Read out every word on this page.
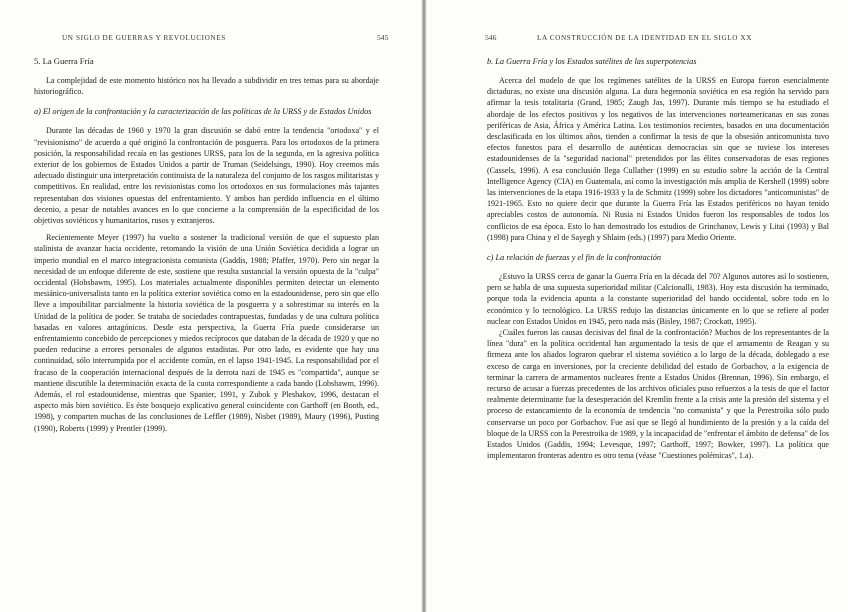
UN SIGLO DE GUERRAS Y REVOLUCIONES	545
5. La Guerra Fría

La complejidad de este momento histórico nos ha llevado a subdividir en tres temas para su abordaje historiográfico.

a) El origen de la confrontación y la caracterización de las políticas de la URSS y de Estados Unidos

Durante las décadas de 1960 y 1970 la gran discusión se dabó entre la tendencia "ortodoxa" y el "revisionismo" de acuerdo a qué originó la confrontación de posguerra. Para los ortodoxos de la primera posición, la responsabilidad recaía en las gestiones URSS, para los de la segunda, en la agresiva política exterior de los gobiernos de Estados Unidos a partir de Truman (Seidelsings, 1990). Hoy creemos más adecuado distinguir una interpretación continuista de la naturaleza del conjunto de los rasgos militaristas y competitivos. En realidad, entre los revisionistas como los ortodoxos en sus formulaciones más tajantes representaban dos visiones opuestas del enfrentamiento. Y ambos han perdido influencia en el último decenio, a pesar de notables avances en lo que concierne a la comprensión de la especificidad de los objetivos soviéticos y humanitarios, rusos y extranjeros.

Recientemente Meyer (1997) ha vuelto a sostener la tradicional versión de que el supuesto plan stalinista de avanzar hacia occidente, retomando la visión de una Unión Soviética decidida a lograr un imperio mundial en el marco integracionista comunista (Gaddis, 1988; Pfaffer, 1970). Pero sin negar la necesidad de un enfoque diferente de este, sostiene que resulta sustancial la versión opuesta de la "culpa" occidental (Hobsbawm, 1995). Los materiales actualmente disponibles permiten detectar un elemento mesiánico-universalista tanto en la política exterior soviética como en la estadounidense, pero sin que ello lleve a imposibilitar parcialmente la historia soviética de la posguerra y a sobrestimar su interés en la Unidad de la política de poder. Se trataba de sociedades contrapuestas, fundadas y de una cultura política basadas en valores antagónicos. Desde esta perspectiva, la Guerra Fría puede considerarse un enfrentamiento concebido de percepciones y miedos recíprocos que databan de la década de 1920 y que no pueden reducirse a errores personales de algunos estadistas. Por otro lado, es evidente que hay una continuidad, sólo interrumpida por el accidente común, en el lapso 1941-1945. La responsabilidad por el fracaso de la cooperación internacional después de la derrota nazi de 1945 es "compartida", aunque se mantiene discutible la determinación exacta de la cuota correspondiente a cada bando (Lobsbawm, 1996). Además, el rol estadounidense, mientras que Spanier, 1991, y Zubok y Pleshakov, 1996, destacan el aspecto más bien soviético. Es éste bosquejo explicativo general coincidente con Garthoff (en Booth, ed., 1998), y comparten muchas de las conclusiones de Leffler (1989), Nisbet (1989), Maury (1996), Pusting (1990), Roberts (1999) y Prentler (1999).

546	LA CONSTRUCCIÓN DE LA IDENTIDAD EN EL SIGLO XX
b. La Guerra Fría y los Estados satélites de las superpotencias

Acerca del modelo de que los regímenes satélites de la URSS en Europa fueron esencialmente dictaduras, no existe una discusión alguna. La dura hegemonía soviética en esa región ha servido para afirmar la tesis totalitaria (Grand, 1985; Zaugh Jas, 1997). Durante más tiempo se ha estudiado el abordaje de los efectos positivos y los negativos de las intervenciones norteamericanas en sus zonas periféricas de Asia, África y América Latina. Los testimonios recientes, basados en una documentación desclasificada en los últimos años, tienden a confirmar la tesis de que la obsesión anticomunista tuvo efectos funestos para el desarrollo de auténticas democracias sin que se tuviese los intereses estadounidenses de la "seguridad nacional" pretendidos por las élites conservadoras de esas regiones (Cassels, 1996). A esa conclusión llega Cullather (1999) en su estudio sobre la acción de la Central Intelligence Agency (CIA) en Guatemala, así como la investigación más amplia de Kershell (1999) sobre las intervenciones de la etapa 1916-1933 y la de Schmitz (1999) sobre los dictadores "anticomunistas" de 1921-1965. Esto no quiere decir que durante la Guerra Fría las Estados periféricos no hayan tenido apreciables costos de autonomía. Ni Rusia ni Estados Unidos fueron los responsables de todos los conflictos de esa época. Esto lo han demostrado los estudios de Grinchanov, Lewis y Litai (1993) y Bal (1998) para China y el de Sayegh y Shlaim (eds.) (1997) para Medio Oriente.

c) La relación de fuerzas y el fin de la confrontación

¿Estuvo la URSS cerca de ganar la Guerra Fría en la década del 70? Algunos autores así lo sostienen, pero se habla de una supuesta superioridad militar (Calcionalli, 1983). Hoy esta discusión ha terminado, porque toda la evidencia apunta a la constante superioridad del bando occidental, sobre todo en lo económico y lo tecnológico. La URSS redujo las distancias únicamente en lo que se refiere al poder nuclear con Estados Unidos en 1945, pero nada más (Bisley, 1987; Crockatt, 1995).

¿Cuáles fueron las causas decisivas del final de la confrontación? Muchos de los representantes de la línea "dura" en la política occidental han argumentado la tesis de que el armamento de Reagan y su firmeza ante los aliados lograron quebrar el sistema soviético a lo largo de la década, doblegado a ese exceso de carga en inversiones, por la creciente debilidad del estado de Gorbachov, a la exigencia de terminar la carrera de armamentos nucleares frente a Estados Unidos (Brennan, 1996). Sin embargo, el recurso de acusar a fuerzas precedentes de los archivos oficiales puso refuerzos a la tesis de que el factor realmente determinante fue la desesperación del Kremlin frente a la crisis ante la presión del sistema y el proceso de estancamiento de la economía de tendencia "no comunista" y que la Perestroika sólo pudo conservarse un poco por Gorbachov. Fue así que se llegó al hundimiento de la presión y a la caída del bloque de la URSS con la Perestroika de 1989, y la incapacidad de "enfrentar el ámbito de defensa" de los Estados Unidos (Gaddis, 1994; Levesque, 1997; Garthoff, 1997; Bowker, 1997). La política que implementaron fronteras adentro es otro tema (véase "Cuestiones polémicas", 1.a).
